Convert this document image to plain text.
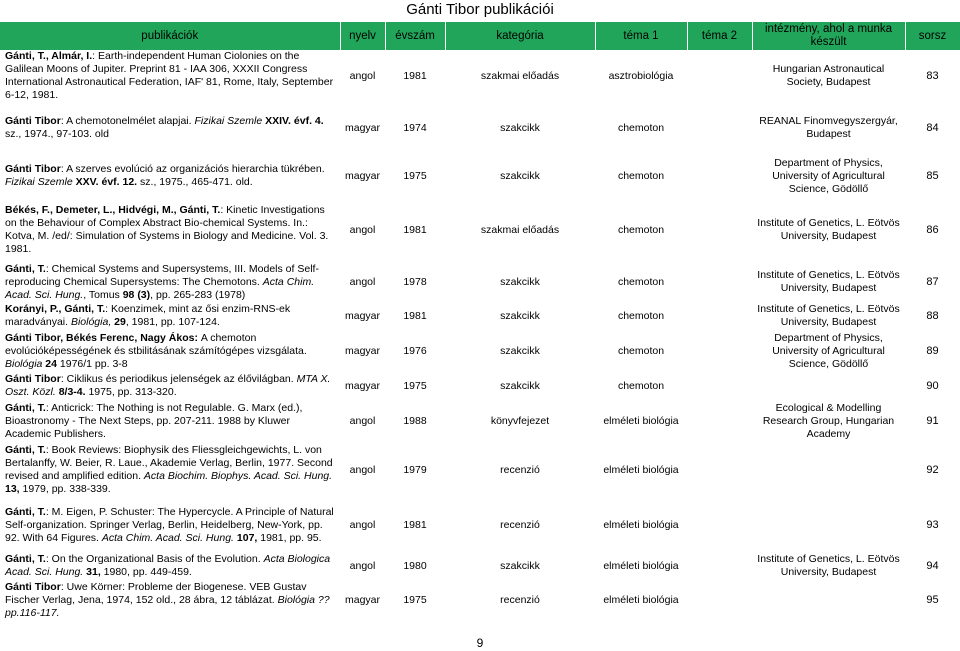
Gánti Tibor publikációi
publikációk	nyelv	évszám	kategória	téma 1	téma 2	intézmény, ahol a munka készült	sorsz
Gánti, T., Almár, I.: Earth-independent Human Ciolonies on the Galilean Moons of Jupiter. Preprint 81 - IAA 306, XXXII Congress International Astronautical Federation, IAF' 81, Rome, Italy, September 6-12, 1981.	angol	1981	szakmai előadás	asztrobiológia		Hungarian Astronautical Society, Budapest	83

Gánti Tibor: A chemotonelmélet alapjai. Fizikai Szemle XXIV. évf. 4. sz., 1974., 97-103. old	magyar	1974	szakcikk	chemoton		REANAL Finomvegyszergyár, Budapest	84

Gánti Tibor: A szerves evolúció az organizációs hierarchia tükrében. Fizikai Szemle XXV. évf. 12. sz., 1975., 465-471. old.	magyar	1975	szakcikk	chemoton		Department of Physics, University of Agricultural Science, Gödöllő	85

Békés, F., Demeter, L., Hidvégi, M., Gánti, T.: Kinetic Investigations on the Behaviour of Complex Abstract Bio-chemical Systems. In.: Kotva, M. /ed/: Simulation of Systems in Biology and Medicine. Vol. 3. 1981.	angol	1981	szakmai előadás	chemoton		Institute of Genetics, L. Eötvös University, Budapest	86

Gánti, T.: Chemical Systems and Supersystems, III. Models of Self-reproducing Chemical Supersystems: The Chemotons. Acta Chim. Acad. Sci. Hung., Tomus 98 (3), pp. 265-283 (1978)	angol	1978	szakcikk	chemoton		Institute of Genetics, L. Eötvös University, Budapest	87
Korányi, P., Gánti, T.: Koenzimek, mint az ősi enzim-RNS-ek maradványai. Biológia, 29, 1981, pp. 107-124.	magyar	1981	szakcikk	chemoton		Institute of Genetics, L. Eötvös University, Budapest	88
Gánti Tibor, Békés Ferenc, Nagy Ákos: A chemoton evolúcióképességének és stbilitásának számítógépes vizsgálata. Biológia 24 1976/1 pp. 3-8	magyar	1976	szakcikk	chemoton		Department of Physics, University of Agricultural Science, Gödöllő	89
Gánti Tibor: Ciklikus és periodikus jelenségek az élővilágban. MTA X. Oszt. Közl. 8/3-4. 1975, pp. 313-320.	magyar	1975	szakcikk	chemoton			90
Gánti, T.: Anticrick: The Nothing is not Regulable. G. Marx (ed.), Bioastronomy - The Next Steps, pp. 207-211. 1988 by Kluwer Academic Publishers.	angol	1988	könyvfejezet	elméleti biológia		Ecological & Modelling Research Group, Hungarian Academy	91
Gánti, T.: Book Reviews: Biophysik des Fliessgleichgewichts, L. von Bertalanffy, W. Beier, R. Laue., Akademie Verlag, Berlin, 1977. Second revised and amplified edition. Acta Biochim. Biophys. Acad. Sci. Hung. 13, 1979, pp. 338-339.	angol	1979	recenzió	elméleti biológia			92

Gánti, T.: M. Eigen, P. Schuster: The Hypercycle. A Principle of Natural Self-organization. Springer Verlag, Berlin, Heidelberg, New-York, pp. 92. With 64 Figures. Acta Chim. Acad. Sci. Hung. 107, 1981, pp. 95.	angol	1981	recenzió	elméleti biológia			93

Gánti, T.: On the Organizational Basis of the Evolution. Acta Biologica Acad. Sci. Hung. 31, 1980, pp. 449-459.	angol	1980	szakcikk	elméleti biológia		Institute of Genetics, L. Eötvös University, Budapest	94
Gánti Tibor: Uwe Körner: Probleme der Biogenese. VEB Gustav Fischer Verlag, Jena, 1974, 152 old., 28 ábra, 12 táblázat. Biológia ?? pp.116-117.	magyar	1975	recenzió	elméleti biológia			95
9
